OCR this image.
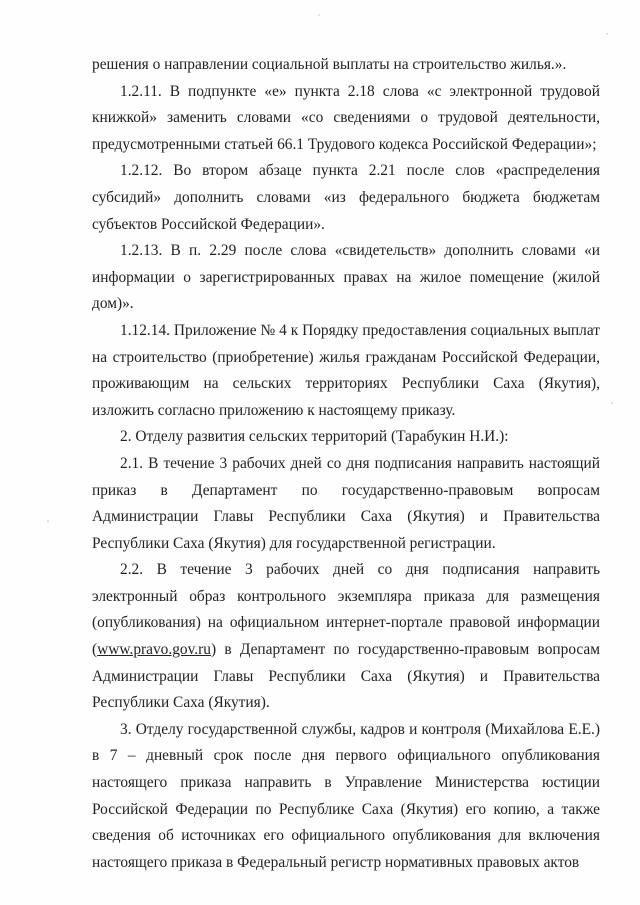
решения о направлении социальной выплаты на строительство жилья.».

1.2.11. В подпункте «е» пункта 2.18 слова «с электронной трудовой книжкой» заменить словами «со сведениями о трудовой деятельности, предусмотренными статьей 66.1 Трудового кодекса Российской Федерации»;

1.2.12. Во втором абзаце пункта 2.21 после слов «распределения субсидий» дополнить словами «из федерального бюджета бюджетам субъектов Российской Федерации».

1.2.13. В п. 2.29 после слова «свидетельств» дополнить словами «и информации о зарегистрированных правах на жилое помещение (жилой дом)».

1.12.14. Приложение № 4 к Порядку предоставления социальных выплат на строительство (приобретение) жилья гражданам Российской Федерации, проживающим на сельских территориях Республики Саха (Якутия), изложить согласно приложению к настоящему приказу.

2. Отделу развития сельских территорий (Тарабукин Н.И.):

2.1. В течение 3 рабочих дней со дня подписания направить настоящий приказ в Департамент по государственно-правовым вопросам Администрации Главы Республики Саха (Якутия) и Правительства Республики Саха (Якутия) для государственной регистрации.

2.2. В течение 3 рабочих дней со дня подписания направить электронный образ контрольного экземпляра приказа для размещения (опубликования) на официальном интернет-портале правовой информации (www.pravo.gov.ru) в Департамент по государственно-правовым вопросам Администрации Главы Республики Саха (Якутия) и Правительства Республики Саха (Якутия).

3. Отделу государственной службы, кадров и контроля (Михайлова Е.Е.) в 7 – дневный срок после дня первого официального опубликования настоящего приказа направить в Управление Министерства юстиции Российской Федерации по Республике Саха (Якутия) его копию, а также сведения об источниках его официального опубликования для включения настоящего приказа в Федеральный регистр нормативных правовых актов
